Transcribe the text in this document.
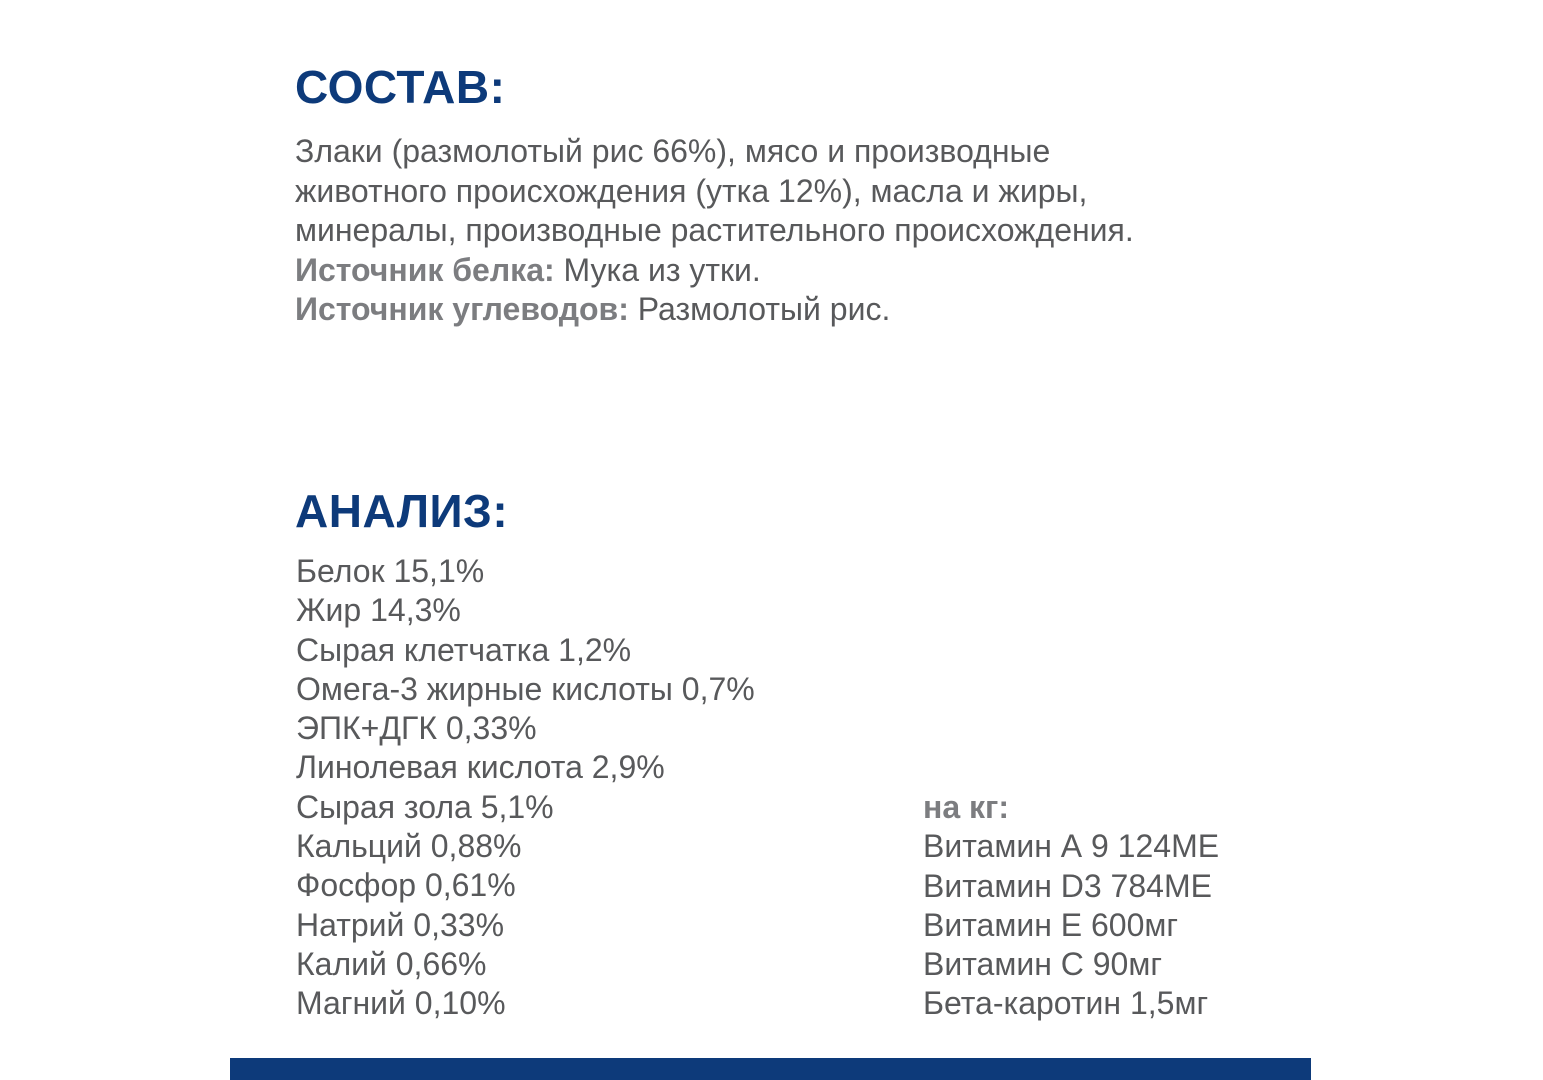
СОСТАВ:

Злаки (размолотый рис 66%), мясо и производные

животного происхождения (утка 12%), масла и жиры,

минералы, производные растительного происхождения.

Источник белка: Мука из утки.

Источник углеводов: Размолотый рис.

АНАЛИЗ:
Белок 15,1%
Жир 14,3%
Сырая клетчатка 1,2%
Омега-3 жирные кислоты 0,7%
ЭПК+ДГК 0,33%
Линолевая кислота 2,9%
Сырая зола 5,1%
Кальций 0,88%
Фосфор 0,61%
Натрий 0,33%
Калий 0,66%
Магний 0,10%
на кг:
Витамин А 9 124МЕ
Витамин D3 784МЕ
Витамин Е 600мг
Витамин С 90мг
Бета-каротин 1,5мг
